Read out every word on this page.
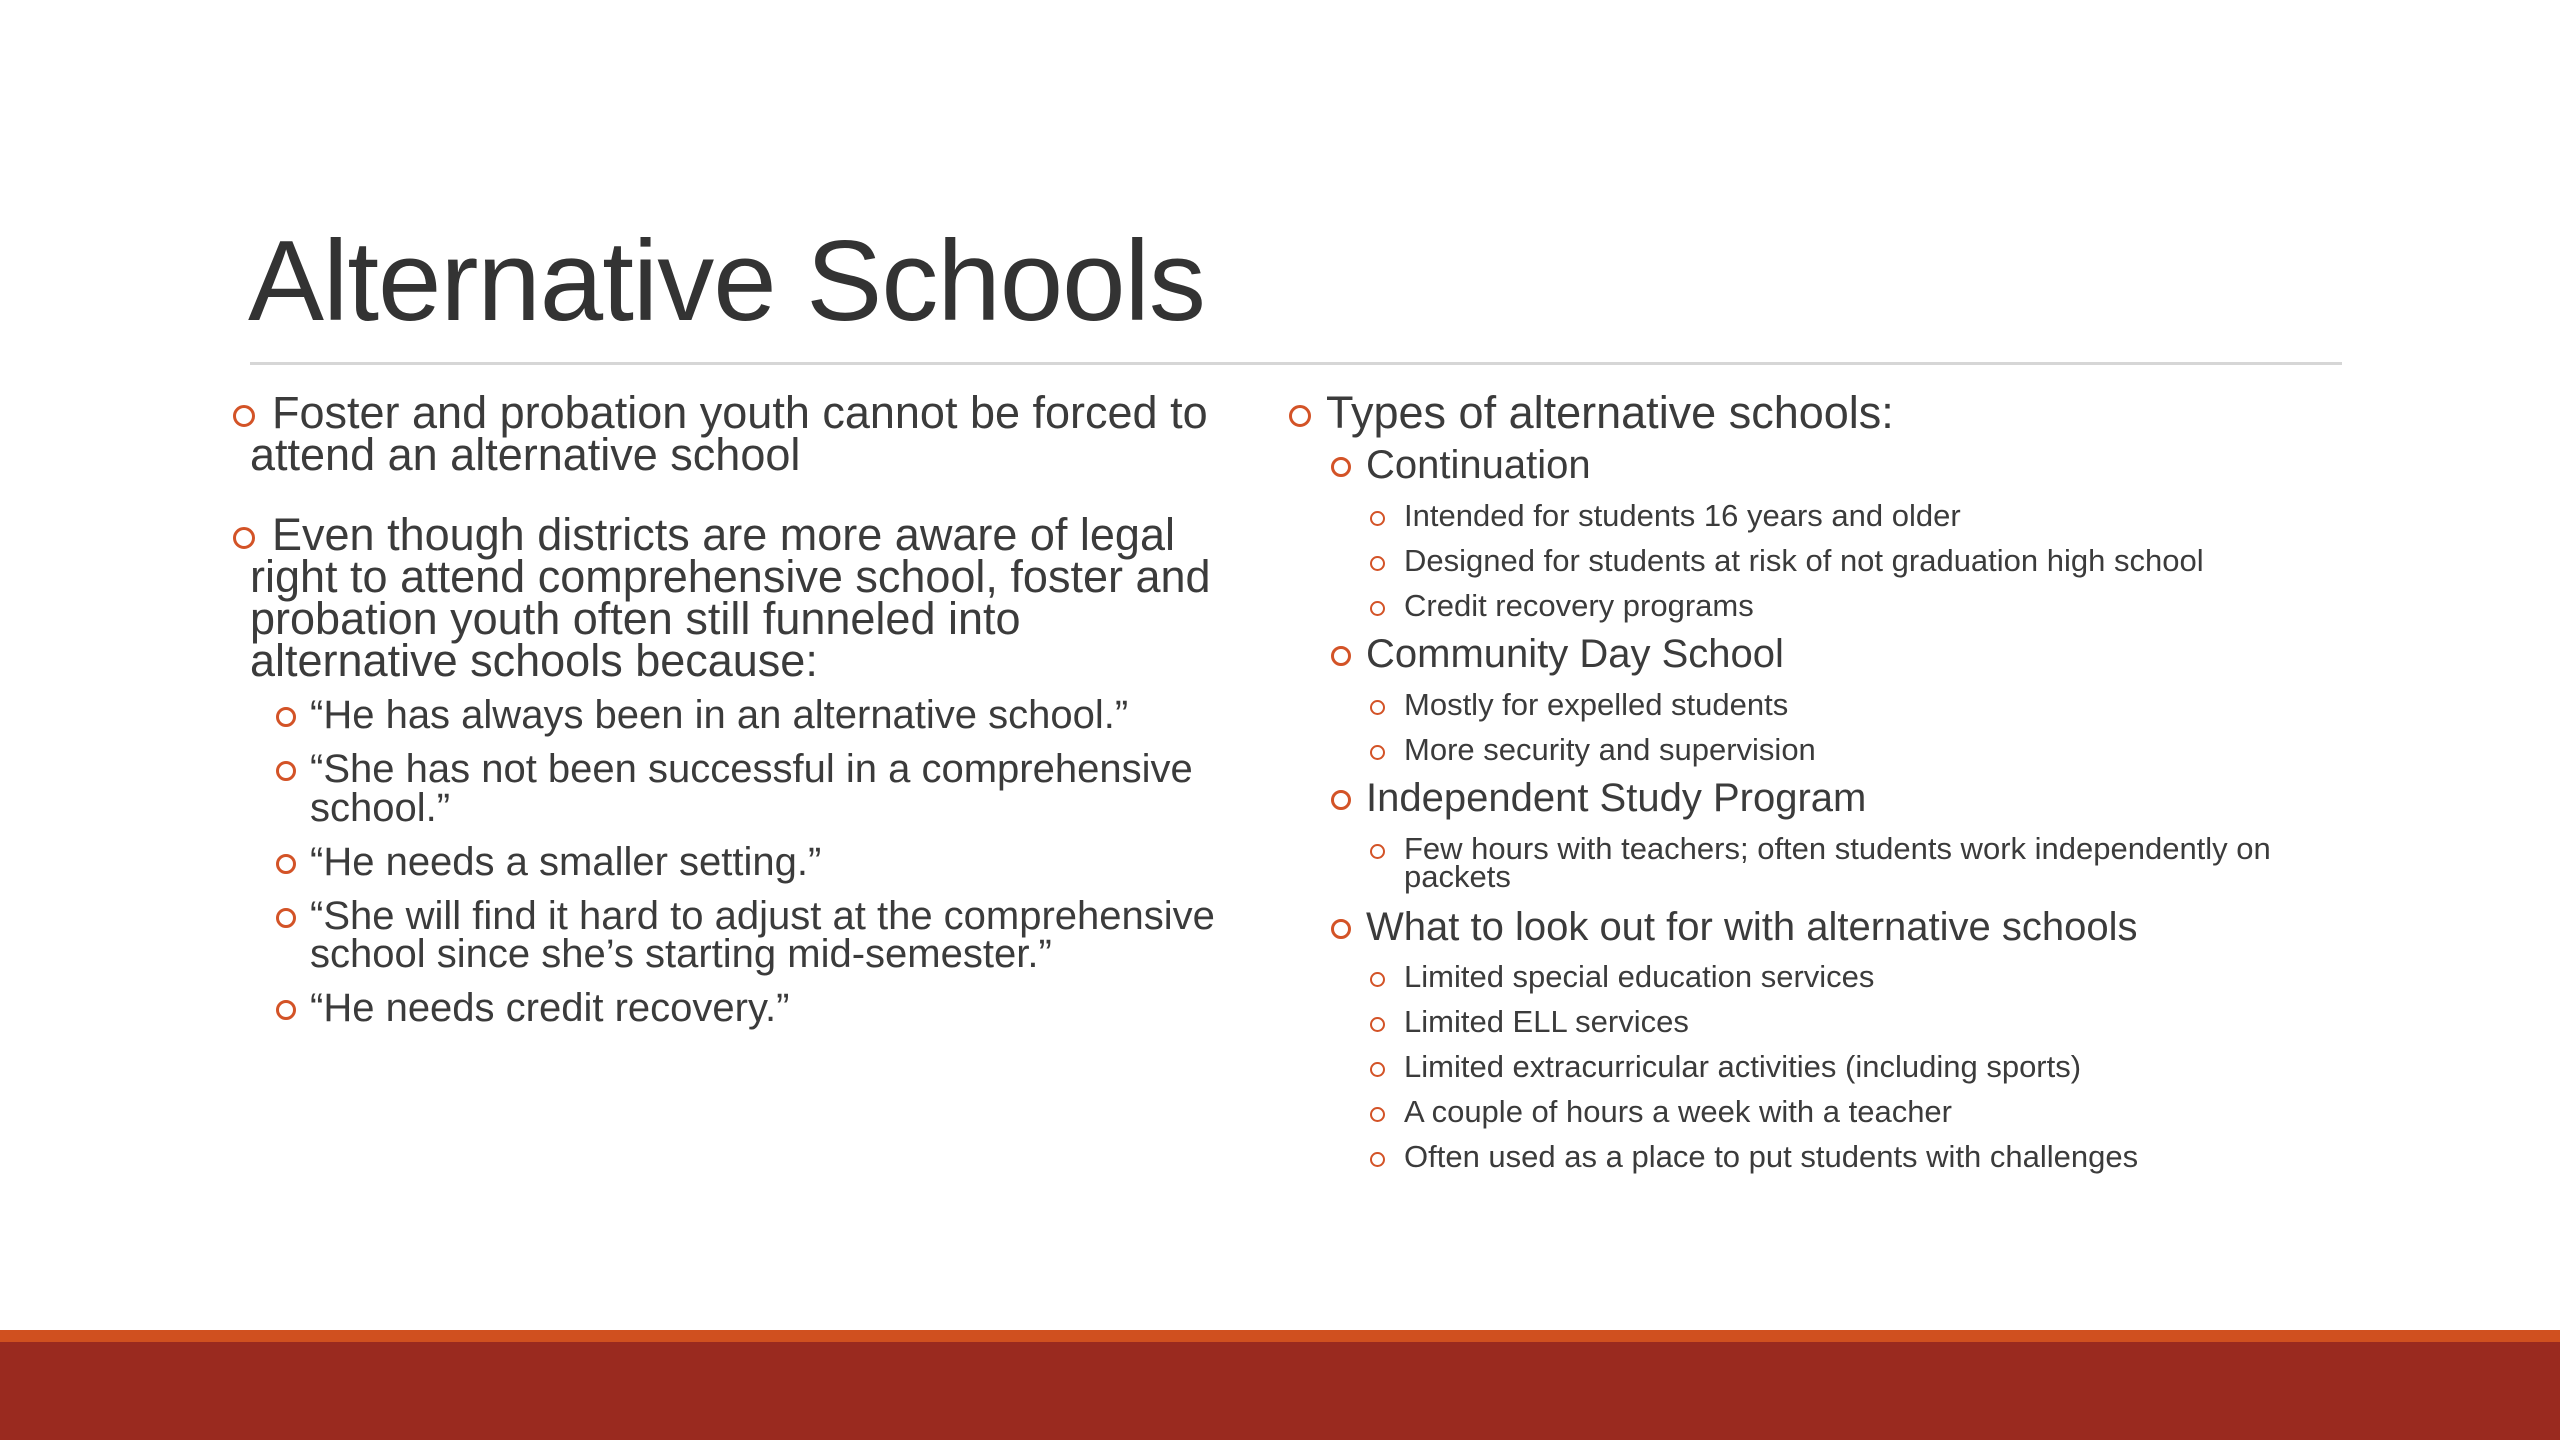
Alternative Schools

Foster and probation youth cannot be forced to

attend an alternative school

Even though districts are more aware of legal

right to attend comprehensive school, foster and

probation youth often still funneled into

alternative schools because:

“He has always been in an alternative school.”

“She has not been successful in a comprehensive

school.”

“He needs a smaller setting.”

“She will find it hard to adjust at the comprehensive

school since she’s starting mid-semester.”

“He needs credit recovery.”

Types of alternative schools:

Continuation

Intended for students 16 years and older

Designed for students at risk of not graduation high school

Credit recovery programs

Community Day School

Mostly for expelled students

More security and supervision

Independent Study Program

Few hours with teachers; often students work independently on

packets

What to look out for with alternative schools

Limited special education services

Limited ELL services

Limited extracurricular activities (including sports)

A couple of hours a week with a teacher

Often used as a place to put students with challenges
